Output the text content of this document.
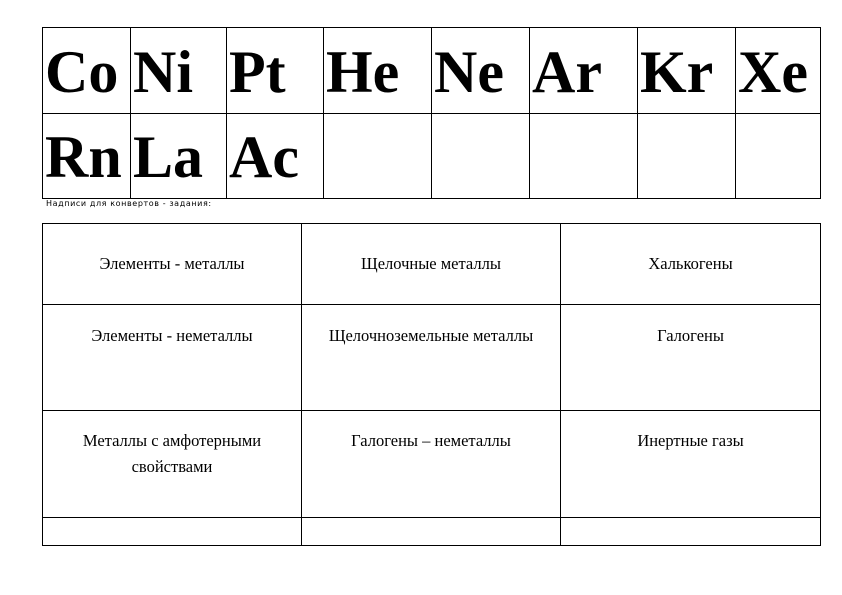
Co	Ni	Pt	He	Ne	Ar	Kr	Xe
Rn	La	Ac					
Надписи для конвертов - задания:
Элементы - металлы	Щелочные металлы	Халькогены
Элементы - неметаллы	Щелочноземельные металлы	Галогены
Металлы с амфотерными свойствами	Галогены – неметаллы	Инертные газы
